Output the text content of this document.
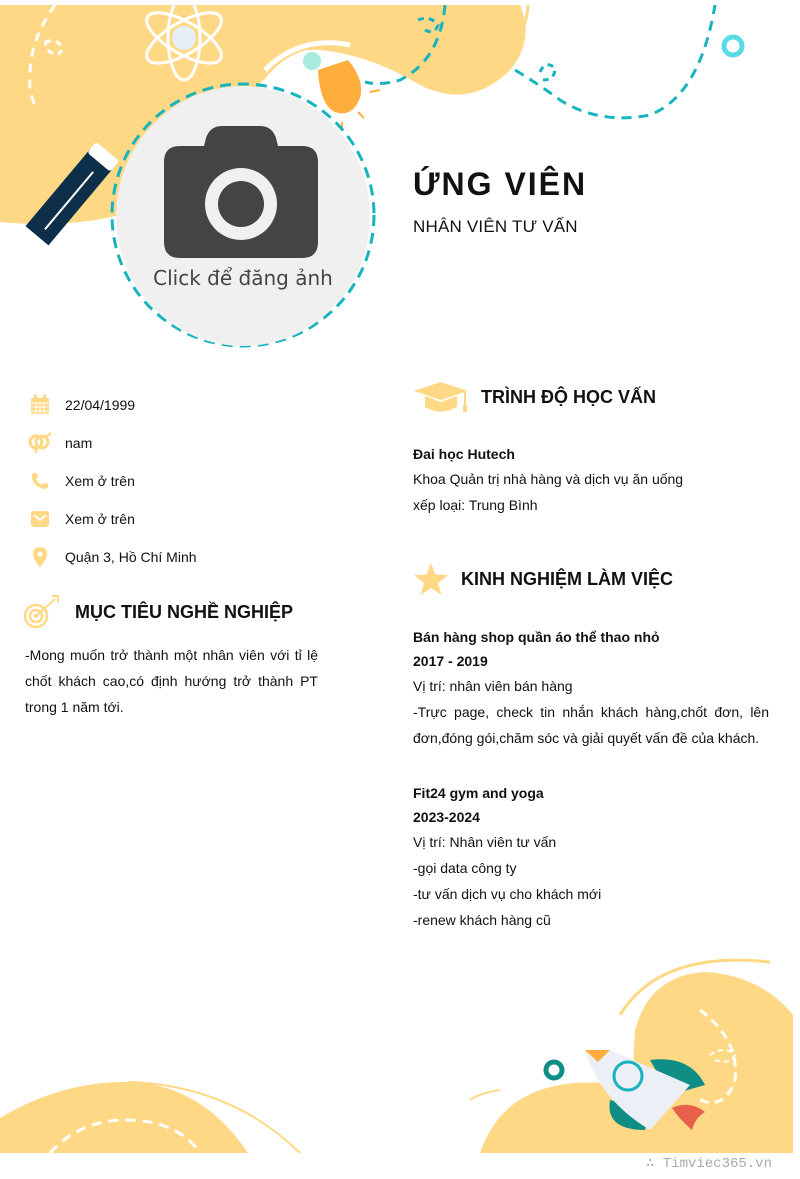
Click để đăng ảnh
ỨNG VIÊN
NHÂN VIÊN TƯ VẤN
22/04/1999
nam
Xem ở trên
Xem ở trên
Quận 3, Hồ Chí Minh
MỤC TIÊU NGHỀ NGHIỆP
-Mong muốn trở thành một nhân viên với tỉ lệ chốt khách cao,có định hướng trở thành PT trong 1 năm tới.
TRÌNH ĐỘ HỌC VẤN
Đai học Hutech
Khoa Quản trị nhà hàng và dịch vụ ăn uống
xếp loại: Trung Bình
KINH NGHIỆM LÀM VIỆC
Bán hàng shop quần áo thể thao nhỏ
2017 - 2019
Vị trí: nhân viên bán hàng
-Trực page, check tin nhắn khách hàng,chốt đơn, lên đơn,đóng gói,chăm sóc và giải quyết vấn đề của khách.
Fit24 gym and yoga
2023-2024
Vị trí: Nhân viên tư vấn
-gọi data công ty
-tư vấn dịch vụ cho khách mới
-renew khách hàng cũ
∴ Timviec365.vn
